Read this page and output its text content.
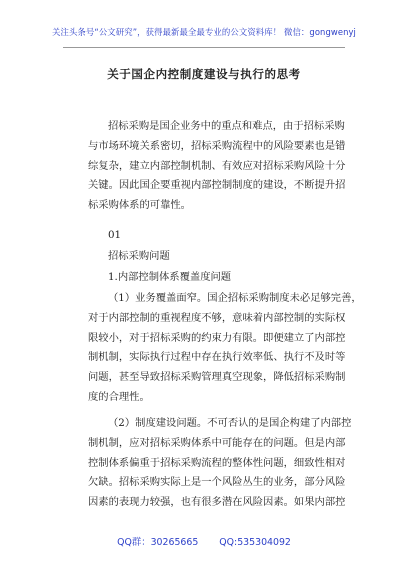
关注头条号“公文研究”，获得最新最全最专业的公文资料库！ 微信：gongwenyj
关于国企内控制度建设与执行的思考
招标采购是国企业务中的重点和难点，由于招标采购
与市场环境关系密切，招标采购流程中的风险要素也是错
综复杂，建立内部控制机制、有效应对招标采购风险十分
关键。因此国企要重视内部控制制度的建设，不断提升招
标采购体系的可靠性。
01
招标采购问题
1.内部控制体系覆盖度问题
（1）业务覆盖面窄。国企招标采购制度未必足够完善，
对于内部控制的重视程度不够，意味着内部控制的实际权
限较小，对于招标采购的约束力有限。即便建立了内部控
制机制，实际执行过程中存在执行效率低、执行不及时等
问题，甚至导致招标采购管理真空现象，降低招标采购制
度的合理性。
（2）制度建设问题。不可否认的是国企构建了内部控
制机制，应对招标采购体系中可能存在的问题。但是内部
控制体系偏重于招标采购流程的整体性问题，细致性相对
欠缺。招标采购实际上是一个风险丛生的业务，部分风险
因素的表现力较强，也有很多潜在风险因素。如果内部控
QQ群：30265665 QQ:535304092
